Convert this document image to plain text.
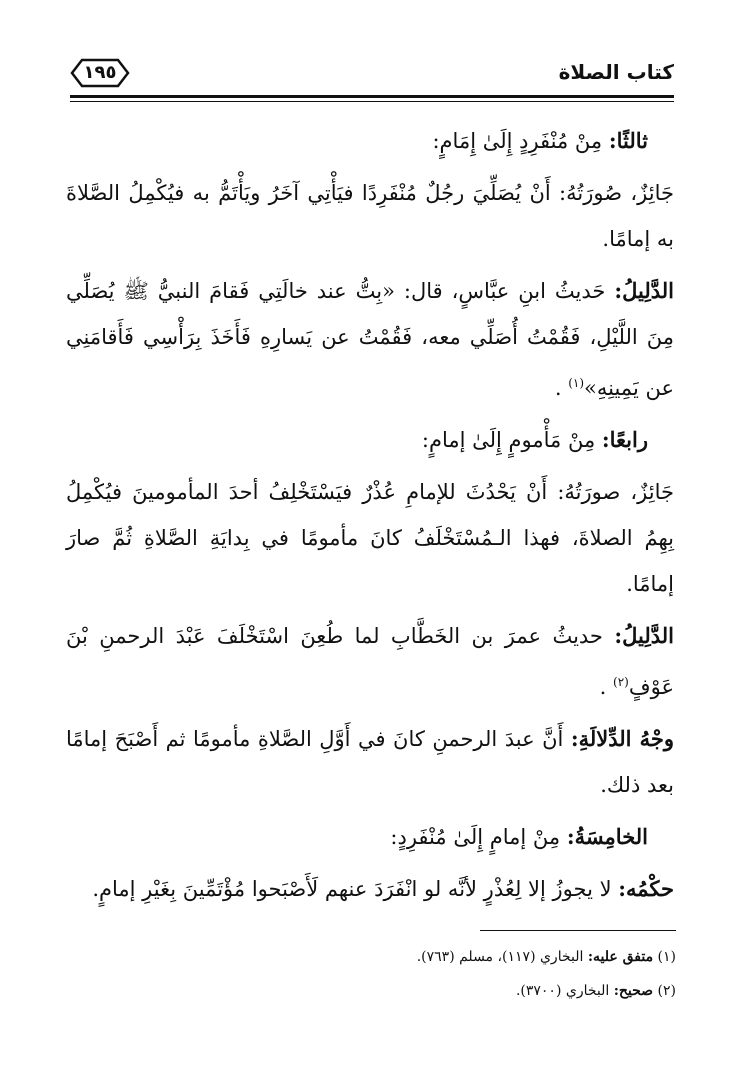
١٩٥	كتاب الصلاة

ثالثًا: مِنْ مُنْفَرِدٍ إِلَىٰ إِمَامٍ:

جَائِزٌ، صُورَتُهُ: أَنْ يُصَلِّيَ رجُلٌ مُنْفَرِدًا فيَأْتِي آخَرُ ويَأْتَمُّ به فيُكْمِلُ الصَّلاةَ به إمامًا.

الدَّلِيلُ: حَديثُ ابنِ عبَّاسٍ، قال: «بِتُّ عند خالَتِي فَقامَ النبيُّ ﷺ يُصَلِّي مِنَ اللَّيْلِ، فَقُمْتُ أُصَلِّي معه، فَقُمْتُ عن يَسارِهِ فَأَخَذَ بِرَأْسِي فَأَقامَنِي عن يَمِينِهِ»$^{(١)}$ .

رابعًا: مِنْ مَأْمومٍ إِلَىٰ إمامٍ:

جَائِزٌ، صورَتُهُ: أَنْ يَحْدُثَ للإمامِ عُذْرٌ فيَسْتَخْلِفُ أحدَ المأمومينَ فيُكْمِلُ بِهِمُ الصلاةَ، فهذا الـمُسْتَخْلَفُ كانَ مأمومًا في بِدايَةِ الصَّلاةِ ثُمَّ صارَ إمامًا.

الدَّلِيلُ: حديثُ عمرَ بن الخَطَّابِ لما طُعِنَ اسْتَخْلَفَ عَبْدَ الرحمنِ بْنَ عَوْفٍ$^{(٢)}$ .

وجْهُ الدِّلالَةِ: أَنَّ عبدَ الرحمنِ كانَ في أَوَّلِ الصَّلاةِ مأمومًا ثم أَصْبَحَ إمامًا بعد ذلك.

الخامِسَةُ: مِنْ إمامٍ إِلَىٰ مُنْفَرِدٍ:

حكْمُه: لا يجوزُ إلا لِعُذْرٍ لأنَّه لو انْفَرَدَ عنهم لَأَصْبَحوا مُؤْتَمِّينَ بِغَيْرِ إمامٍ.

(١) متفق عليه: البخاري (١١٧)، مسلم (٧٦٣).
(٢) صحيح: البخاري (٣٧٠٠).
